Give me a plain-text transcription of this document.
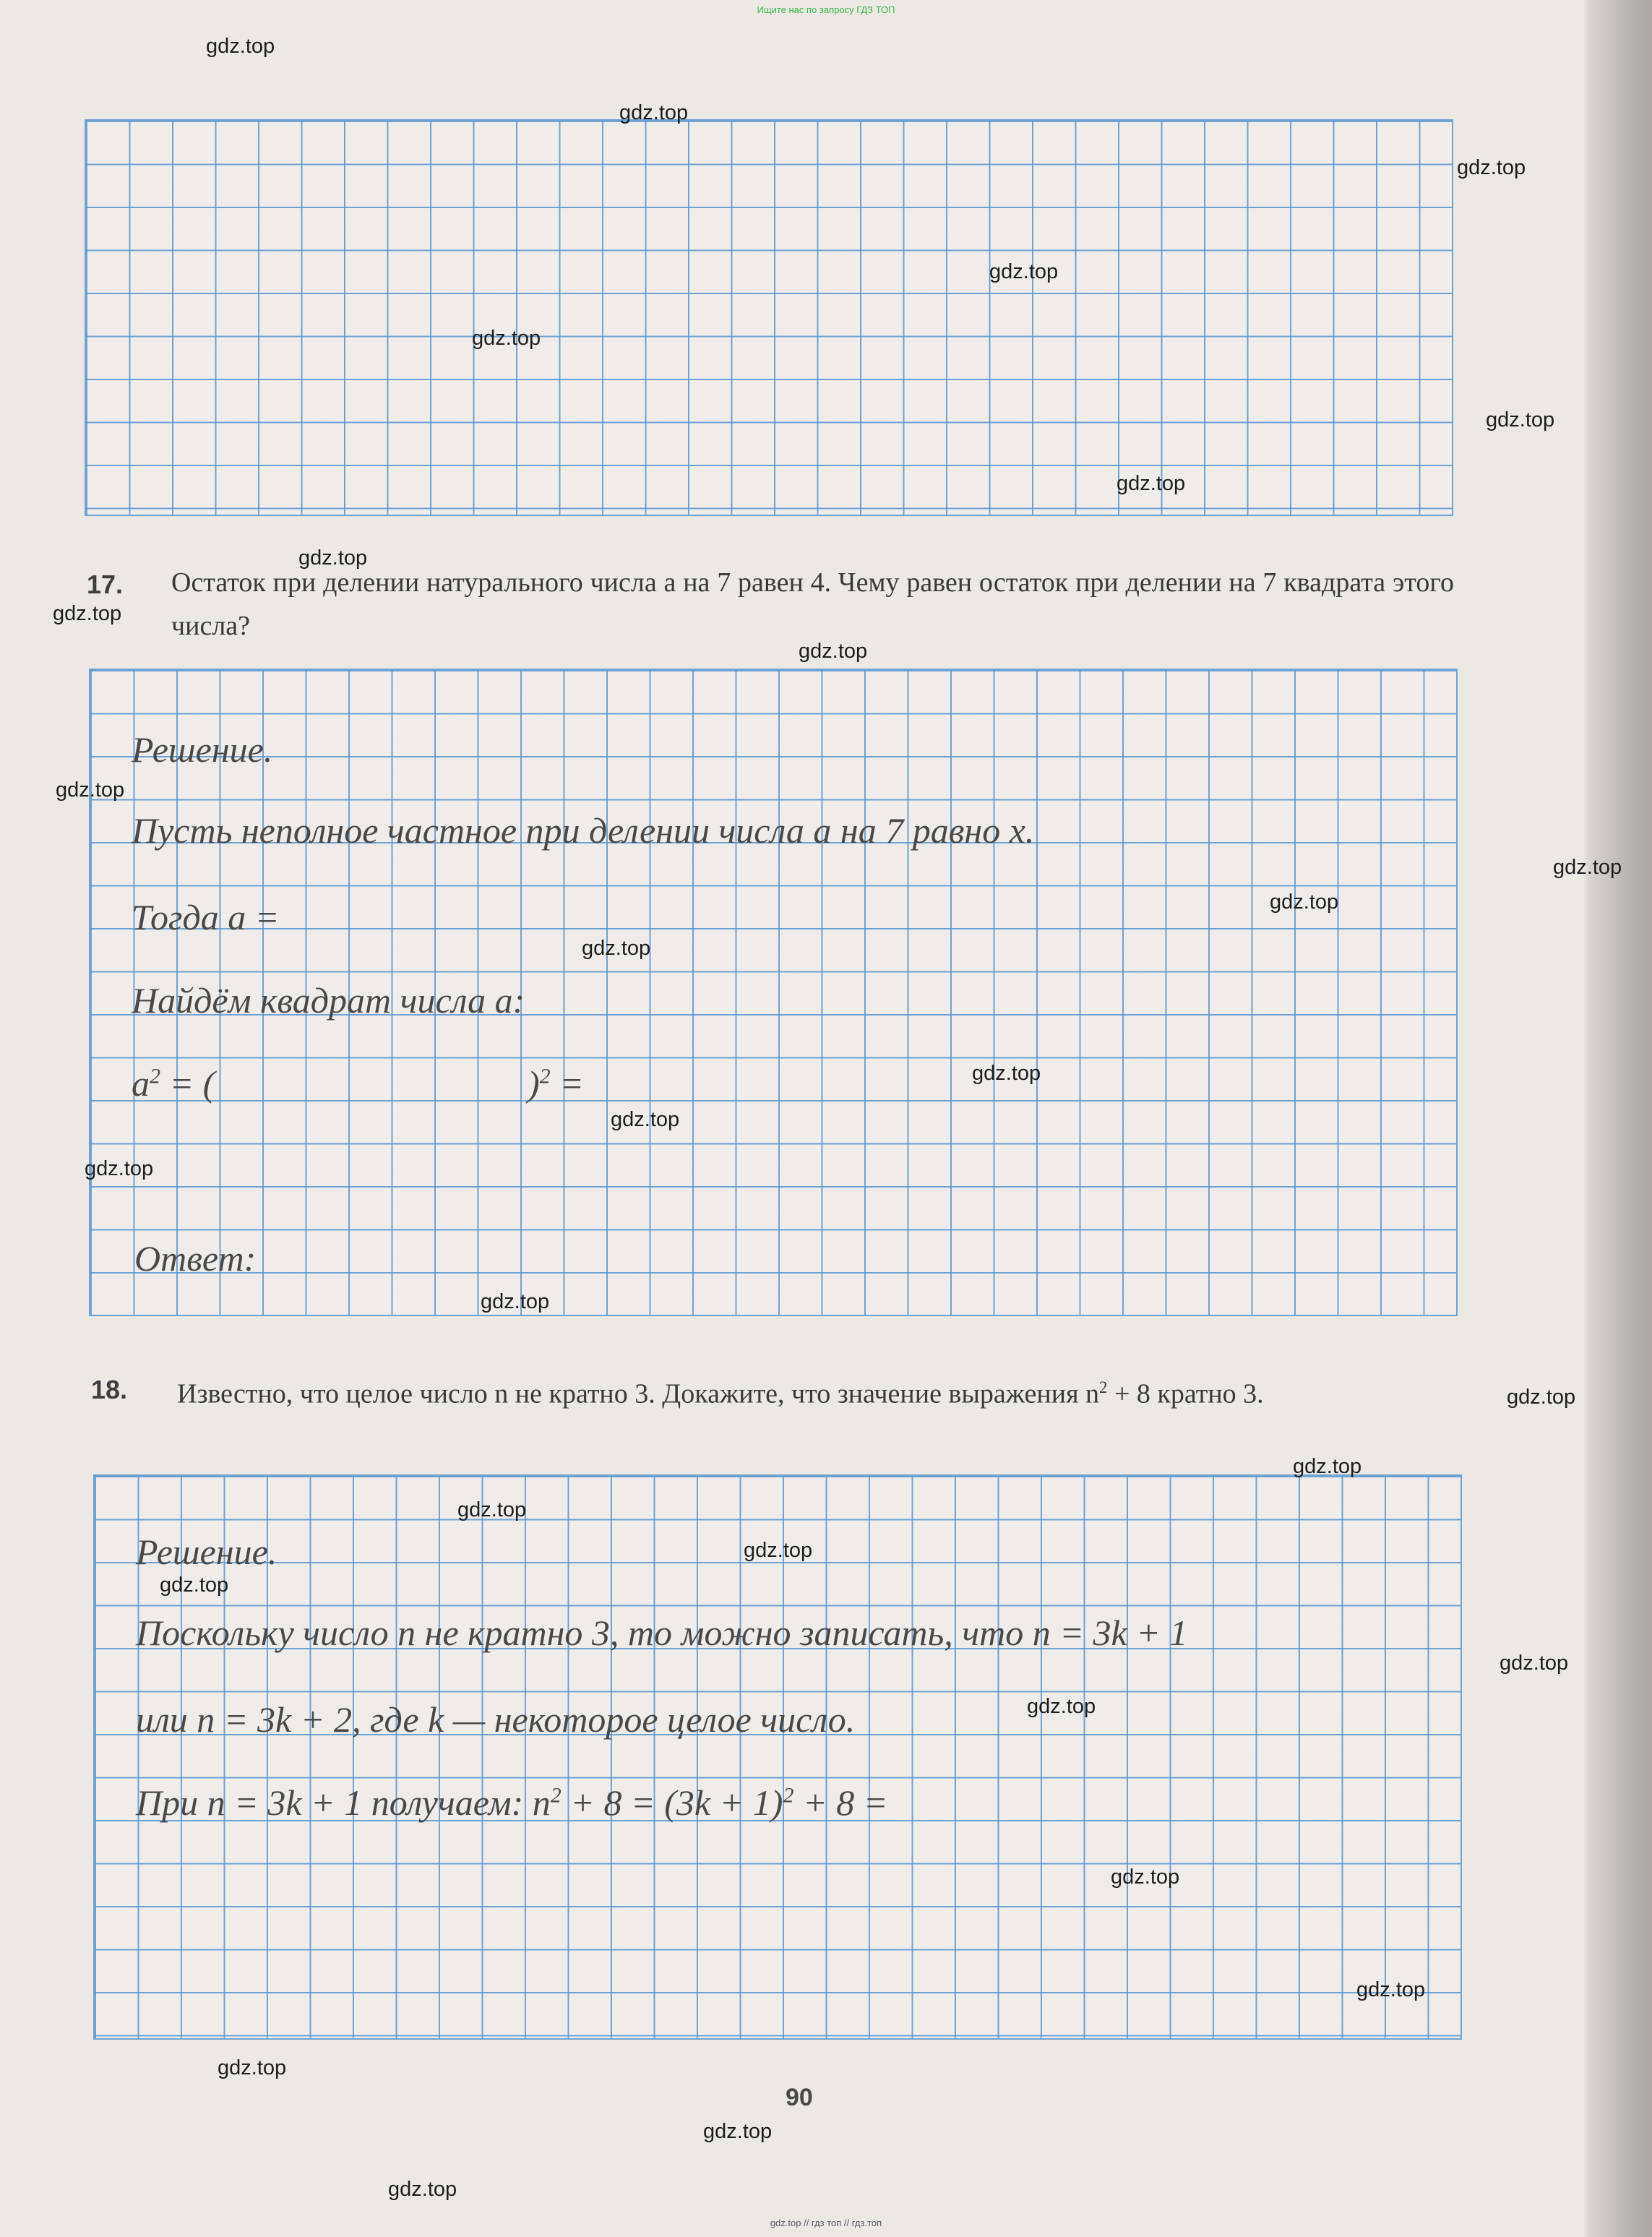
Ищите нас по запросу ГДЗ ТОП
17. Остаток при делении натурального числа a на 7 равен 4. Чему равен остаток при делении на 7 квадрата этого числа?
Решение.
Пусть неполное частное при делении числа a на 7 равно x.
Тогда a =
Найдём квадрат числа a:
$a^2$ = (	)$^2$ =
Ответ:
18. Известно, что целое число n не кратно 3. Докажите, что значение выражения $n^2 + 8$ кратно 3.
Решение.
Поскольку число n не кратно 3, то можно записать, что n = 3k + 1
или n = 3k + 2, где k — некоторое целое число.
При n = 3k + 1 получаем: $n^2 + 8 = (3k + 1)^2 + 8$ =
90
gdz.top // гдз топ // гдз.топ
gdz.top
gdz.top
gdz.top
gdz.top
gdz.top
gdz.top
gdz.top
gdz.top
gdz.top
gdz.top
gdz.top
gdz.top
gdz.top
gdz.top
gdz.top
gdz.top
gdz.top
gdz.top
gdz.top
gdz.top
gdz.top
gdz.top
gdz.top
gdz.top
gdz.top
gdz.top
gdz.top
gdz.top
gdz.top
gdz.top
